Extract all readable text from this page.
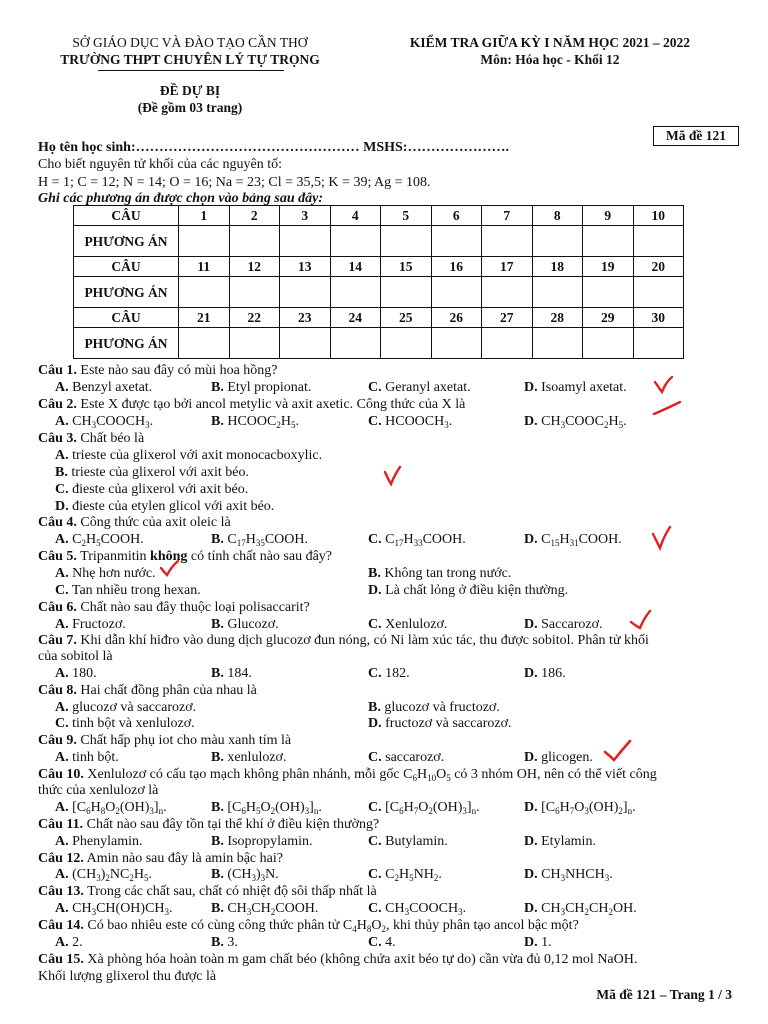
SỞ GIÁO DỤC VÀ ĐÀO TẠO CẦN THƠ
TRƯỜNG THPT CHUYÊN LÝ TỰ TRỌNG
KIỂM TRA GIỮA KỲ I NĂM HỌC 2021 – 2022
Môn: Hóa học - Khối 12
ĐỀ DỰ BỊ
(Đề gồm 03 trang)
Mã đề 121
Họ tên học sinh:………………………………………… MSHS:………………….
Cho biết nguyên tử khối của các nguyên tố:
H = 1; C = 12; N = 14; O = 16; Na = 23; Cl = 35,5; K = 39; Ag = 108.
Ghi các phương án được chọn vào bảng sau đây:
CÂU	1	2	3	4	5	6	7	8	9	10
PHƯƠNG ÁN										
CÂU	11	12	13	14	15	16	17	18	19	20
PHƯƠNG ÁN										
CÂU	21	22	23	24	25	26	27	28	29	30
PHƯƠNG ÁN										
Câu 1. Este nào sau đây có mùi hoa hồng?
A. Benzyl axetat.	B. Etyl propionat.	C. Geranyl axetat.	D. Isoamyl axetat.
Câu 2. Este X được tạo bởi ancol metylic và axit axetic. Công thức của X là
A. $CH_3COOCH_3$.	B. $HCOOC_2H_5$.	C. $HCOOCH_3$.	D. $CH_3COOC_2H_5$.
Câu 3. Chất béo là
A. trieste của glixerol với axit monocacboxylic.
B. trieste của glixerol với axit béo.
C. đieste của glixerol với axit béo.
D. đieste của etylen glicol với axit béo.
Câu 4. Công thức của axit oleic là
A. $C_2H_5COOH$.	B. $C_{17}H_{35}COOH$.	C. $C_{17}H_{33}COOH$.	D. $C_{15}H_{31}COOH$.
Câu 5. Tripanmitin không có tính chất nào sau đây?
A. Nhẹ hơn nước.	B. Không tan trong nước.
C. Tan nhiều trong hexan.	D. Là chất lỏng ở điều kiện thường.
Câu 6. Chất nào sau đây thuộc loại polisaccarit?
A. Fructozơ.	B. Glucozơ.	C. Xenlulozơ.	D. Saccarozơ.
Câu 7. Khi dẫn khí hiđro vào dung dịch glucozơ đun nóng, có Ni làm xúc tác, thu được sobitol. Phân tử khối
của sobitol là
A. 180.	B. 184.	C. 182.	D. 186.
Câu 8. Hai chất đồng phân của nhau là
A. glucozơ và saccarozơ.	B. glucozơ và fructozơ.
C. tinh bột và xenlulozơ.	D. fructozơ và saccarozơ.
Câu 9. Chất hấp phụ iot cho màu xanh tím là
A. tinh bột.	B. xenlulozơ.	C. saccarozơ.	D. glicogen.
Câu 10. Xenlulozơ có cấu tạo mạch không phân nhánh, mỗi gốc $C_6H_{10}O_5$ có 3 nhóm OH, nên có thể viết công
thức của xenlulozơ là
A. $[C_6H_8O_2(OH)_3]_n$.	B. $[C_6H_5O_2(OH)_3]_n$.	C. $[C_6H_7O_2(OH)_3]_n$.	D. $[C_6H_7O_3(OH)_2]_n$.
Câu 11. Chất nào sau đây tồn tại thể khí ở điều kiện thường?
A. Phenylamin.	B. Isopropylamin.	C. Butylamin.	D. Etylamin.
Câu 12. Amin nào sau đây là amin bậc hai?
A. $(CH_3)_2NC_2H_5$.	B. $(CH_3)_3N$.	C. $C_2H_5NH_2$.	D. $CH_3NHCH_3$.
Câu 13. Trong các chất sau, chất có nhiệt độ sôi thấp nhất là
A. $CH_3CH(OH)CH_3$.	B. $CH_3CH_2COOH$.	C. $CH_3COOCH_3$.	D. $CH_3CH_2CH_2OH$.
Câu 14. Có bao nhiêu este có cùng công thức phân tử $C_4H_8O_2$, khi thủy phân tạo ancol bậc một?
A. 2.	B. 3.	C. 4.	D. 1.
Câu 15. Xà phòng hóa hoàn toàn m gam chất béo (không chứa axit béo tự do) cần vừa đủ 0,12 mol NaOH.
Khối lượng glixerol thu được là
Mã đề 121 – Trang 1 / 3
